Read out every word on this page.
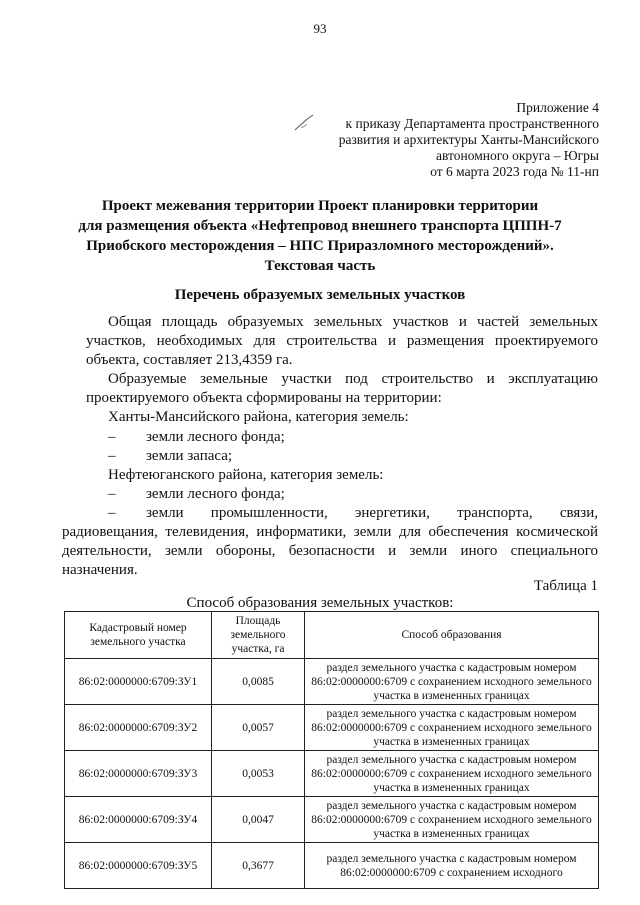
93
Приложение 4
к приказу Департамента пространственного
развития и архитектуры Ханты-Мансийского
автономного округа – Югры
от 6 марта 2023 года № 11-нп
Проект межевания территории Проект планировки территории
для размещения объекта «Нефтепровод внешнего транспорта ЦППН-7
Приобского месторождения – НПС Приразломного месторождений».
Текстовая часть
Перечень образуемых земельных участков
Общая площадь образуемых земельных участков и частей земельных
участков, необходимых для строительства и размещения проектируемого
объекта, составляет 213,4359 га.
Образуемые земельные участки под строительство и эксплуатацию
проектируемого объекта сформированы на территории:
Ханты-Мансийского района, категория земель:
–	земли лесного фонда;
–	земли запаса;
Нефтеюганского района, категория земель:
–	земли лесного фонда;
–	земли промышленности, энергетики, транспорта, связи,
радиовещания, телевидения, информатики, земли для обеспечения космической
деятельности, земли обороны, безопасности и земли иного специального
назначения.
Таблица 1
Способ образования земельных участков:
Кадастровый номер земельного участка	Площадь земельного участка, га	Способ образования
86:02:0000000:6709:ЗУ1	0,0085	раздел земельного участка с кадастровым номером 86:02:0000000:6709 с сохранением исходного земельного участка в измененных границах
86:02:0000000:6709:ЗУ2	0,0057	раздел земельного участка с кадастровым номером 86:02:0000000:6709 с сохранением исходного земельного участка в измененных границах
86:02:0000000:6709:ЗУ3	0,0053	раздел земельного участка с кадастровым номером 86:02:0000000:6709 с сохранением исходного земельного участка в измененных границах
86:02:0000000:6709:ЗУ4	0,0047	раздел земельного участка с кадастровым номером 86:02:0000000:6709 с сохранением исходного земельного участка в измененных границах
86:02:0000000:6709:ЗУ5	0,3677	раздел земельного участка с кадастровым номером 86:02:0000000:6709 с сохранением исходного
